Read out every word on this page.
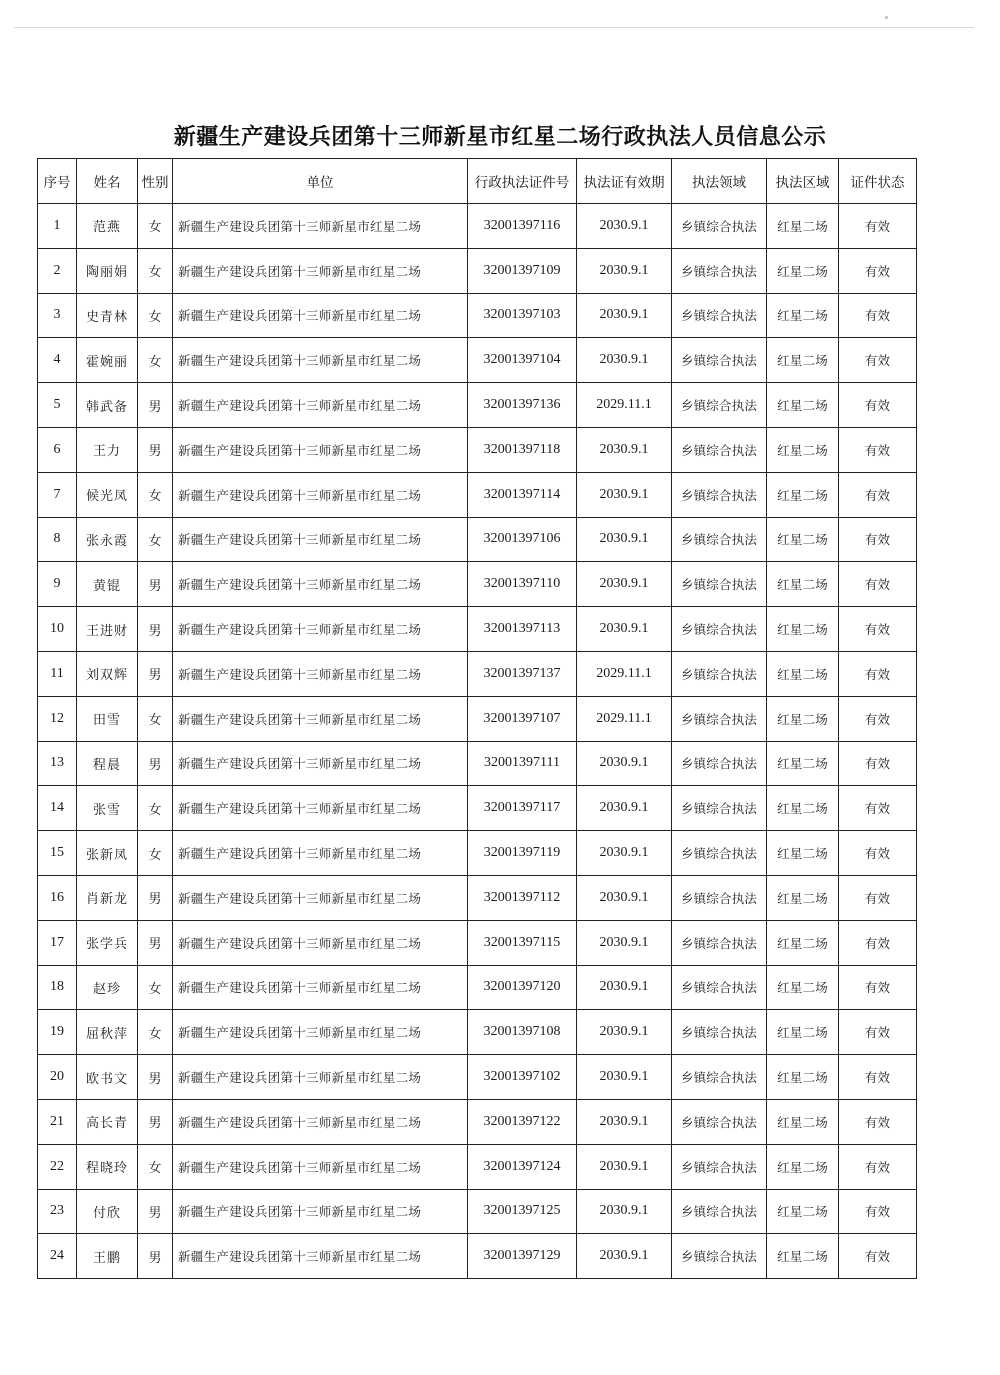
新疆生产建设兵团第十三师新星市红星二场行政执法人员信息公示
序号	姓名	性别	单位	行政执法证件号	执法证有效期	执法领域	执法区域	证件状态
1	范燕	女	新疆生产建设兵团第十三师新星市红星二场	32001397116	2030.9.1	乡镇综合执法	红星二场	有效
2	陶丽娟	女	新疆生产建设兵团第十三师新星市红星二场	32001397109	2030.9.1	乡镇综合执法	红星二场	有效
3	史青林	女	新疆生产建设兵团第十三师新星市红星二场	32001397103	2030.9.1	乡镇综合执法	红星二场	有效
4	霍婉丽	女	新疆生产建设兵团第十三师新星市红星二场	32001397104	2030.9.1	乡镇综合执法	红星二场	有效
5	韩武备	男	新疆生产建设兵团第十三师新星市红星二场	32001397136	2029.11.1	乡镇综合执法	红星二场	有效
6	王力	男	新疆生产建设兵团第十三师新星市红星二场	32001397118	2030.9.1	乡镇综合执法	红星二场	有效
7	候光凤	女	新疆生产建设兵团第十三师新星市红星二场	32001397114	2030.9.1	乡镇综合执法	红星二场	有效
8	张永霞	女	新疆生产建设兵团第十三师新星市红星二场	32001397106	2030.9.1	乡镇综合执法	红星二场	有效
9	黄锟	男	新疆生产建设兵团第十三师新星市红星二场	32001397110	2030.9.1	乡镇综合执法	红星二场	有效
10	王进财	男	新疆生产建设兵团第十三师新星市红星二场	32001397113	2030.9.1	乡镇综合执法	红星二场	有效
11	刘双辉	男	新疆生产建设兵团第十三师新星市红星二场	32001397137	2029.11.1	乡镇综合执法	红星二场	有效
12	田雪	女	新疆生产建设兵团第十三师新星市红星二场	32001397107	2029.11.1	乡镇综合执法	红星二场	有效
13	程晨	男	新疆生产建设兵团第十三师新星市红星二场	32001397111	2030.9.1	乡镇综合执法	红星二场	有效
14	张雪	女	新疆生产建设兵团第十三师新星市红星二场	32001397117	2030.9.1	乡镇综合执法	红星二场	有效
15	张新凤	女	新疆生产建设兵团第十三师新星市红星二场	32001397119	2030.9.1	乡镇综合执法	红星二场	有效
16	肖新龙	男	新疆生产建设兵团第十三师新星市红星二场	32001397112	2030.9.1	乡镇综合执法	红星二场	有效
17	张学兵	男	新疆生产建设兵团第十三师新星市红星二场	32001397115	2030.9.1	乡镇综合执法	红星二场	有效
18	赵珍	女	新疆生产建设兵团第十三师新星市红星二场	32001397120	2030.9.1	乡镇综合执法	红星二场	有效
19	屈秋萍	女	新疆生产建设兵团第十三师新星市红星二场	32001397108	2030.9.1	乡镇综合执法	红星二场	有效
20	欧书文	男	新疆生产建设兵团第十三师新星市红星二场	32001397102	2030.9.1	乡镇综合执法	红星二场	有效
21	高长青	男	新疆生产建设兵团第十三师新星市红星二场	32001397122	2030.9.1	乡镇综合执法	红星二场	有效
22	程晓玲	女	新疆生产建设兵团第十三师新星市红星二场	32001397124	2030.9.1	乡镇综合执法	红星二场	有效
23	付欣	男	新疆生产建设兵团第十三师新星市红星二场	32001397125	2030.9.1	乡镇综合执法	红星二场	有效
24	王鹏	男	新疆生产建设兵团第十三师新星市红星二场	32001397129	2030.9.1	乡镇综合执法	红星二场	有效
